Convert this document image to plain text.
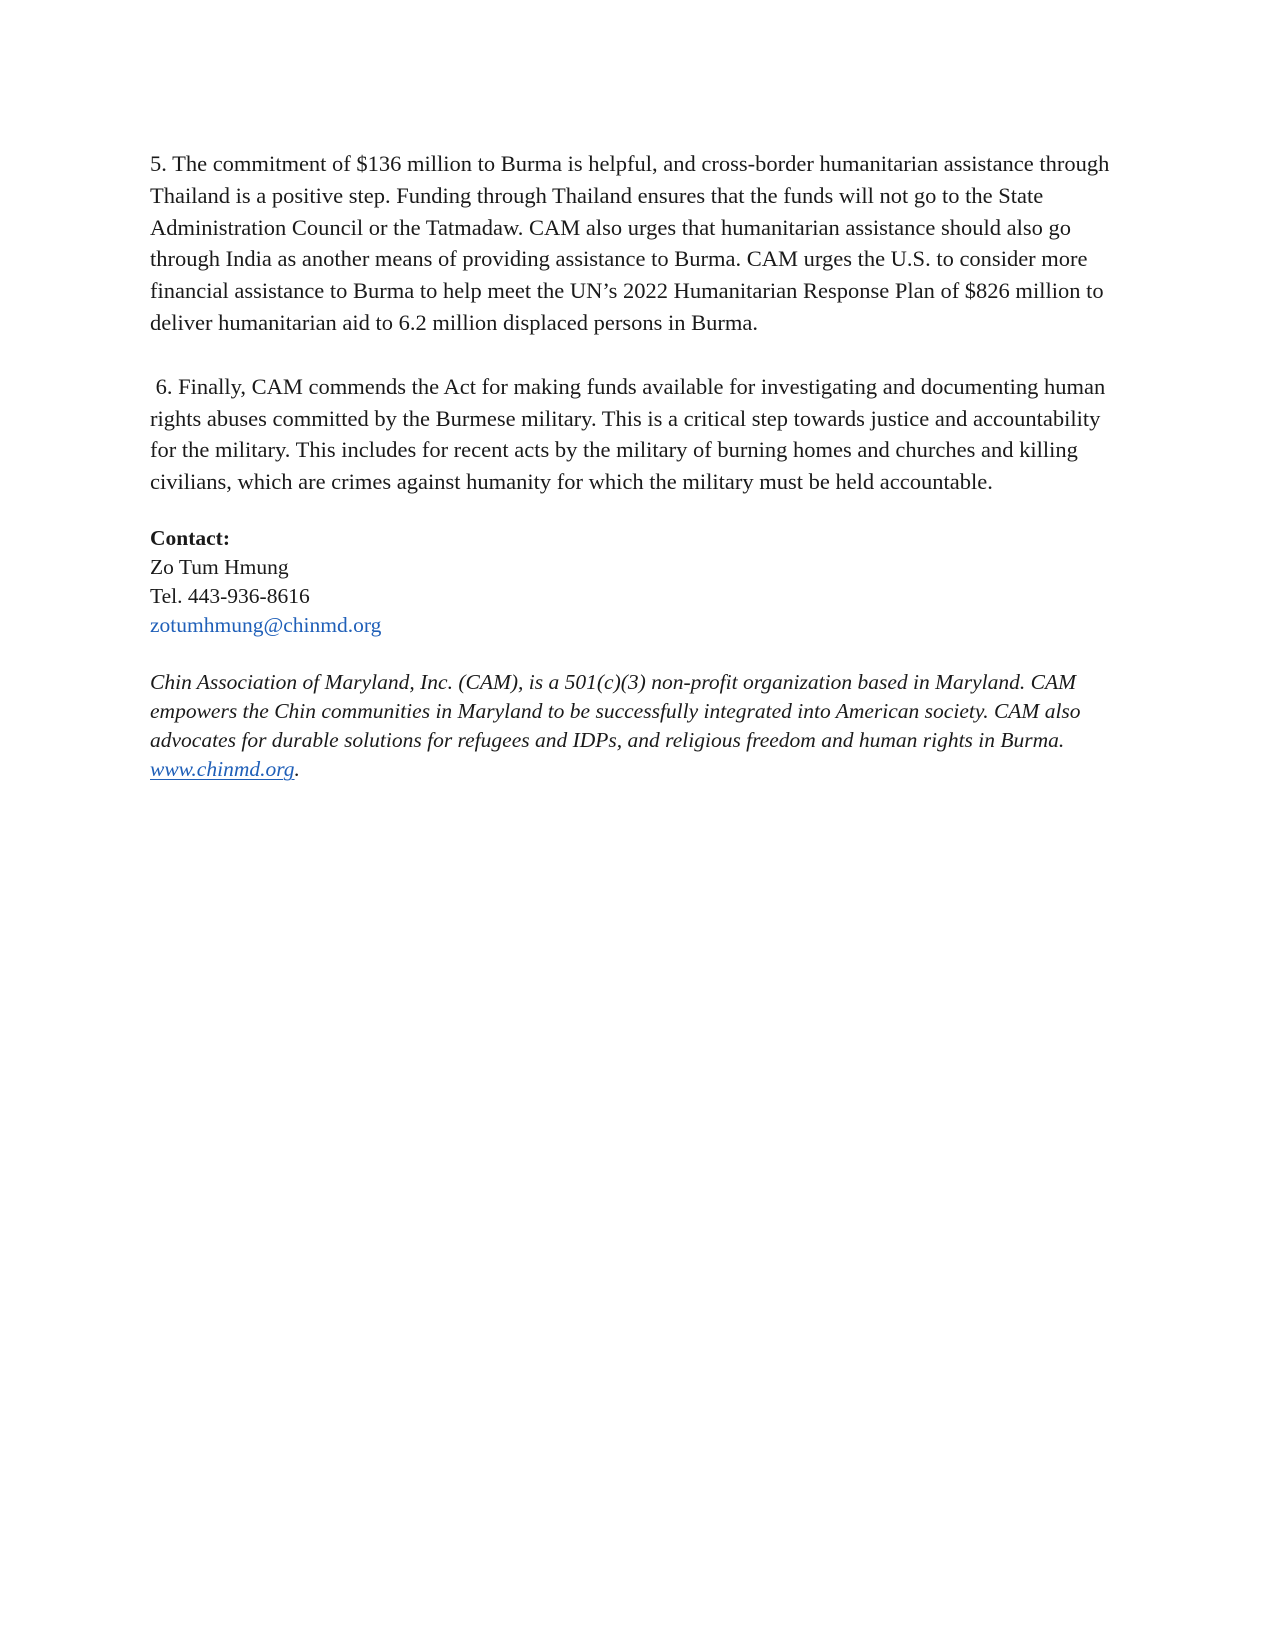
5. The commitment of $136 million to Burma is helpful, and cross-border humanitarian assistance through Thailand is a positive step. Funding through Thailand ensures that the funds will not go to the State Administration Council or the Tatmadaw. CAM also urges that humanitarian assistance should also go through India as another means of providing assistance to Burma. CAM urges the U.S. to consider more financial assistance to Burma to help meet the UN’s 2022 Humanitarian Response Plan of $826 million to deliver humanitarian aid to 6.2 million displaced persons in Burma.

6. Finally, CAM commends the Act for making funds available for investigating and documenting human rights abuses committed by the Burmese military. This is a critical step towards justice and accountability for the military. This includes for recent acts by the military of burning homes and churches and killing civilians, which are crimes against humanity for which the military must be held accountable.

Contact:
Zo Tum Hmung
Tel. 443-936-8616
zotumhmung@chinmd.org

Chin Association of Maryland, Inc. (CAM), is a 501(c)(3) non-profit organization based in Maryland. CAM empowers the Chin communities in Maryland to be successfully integrated into American society. CAM also advocates for durable solutions for refugees and IDPs, and religious freedom and human rights in Burma.
www.chinmd.org.
